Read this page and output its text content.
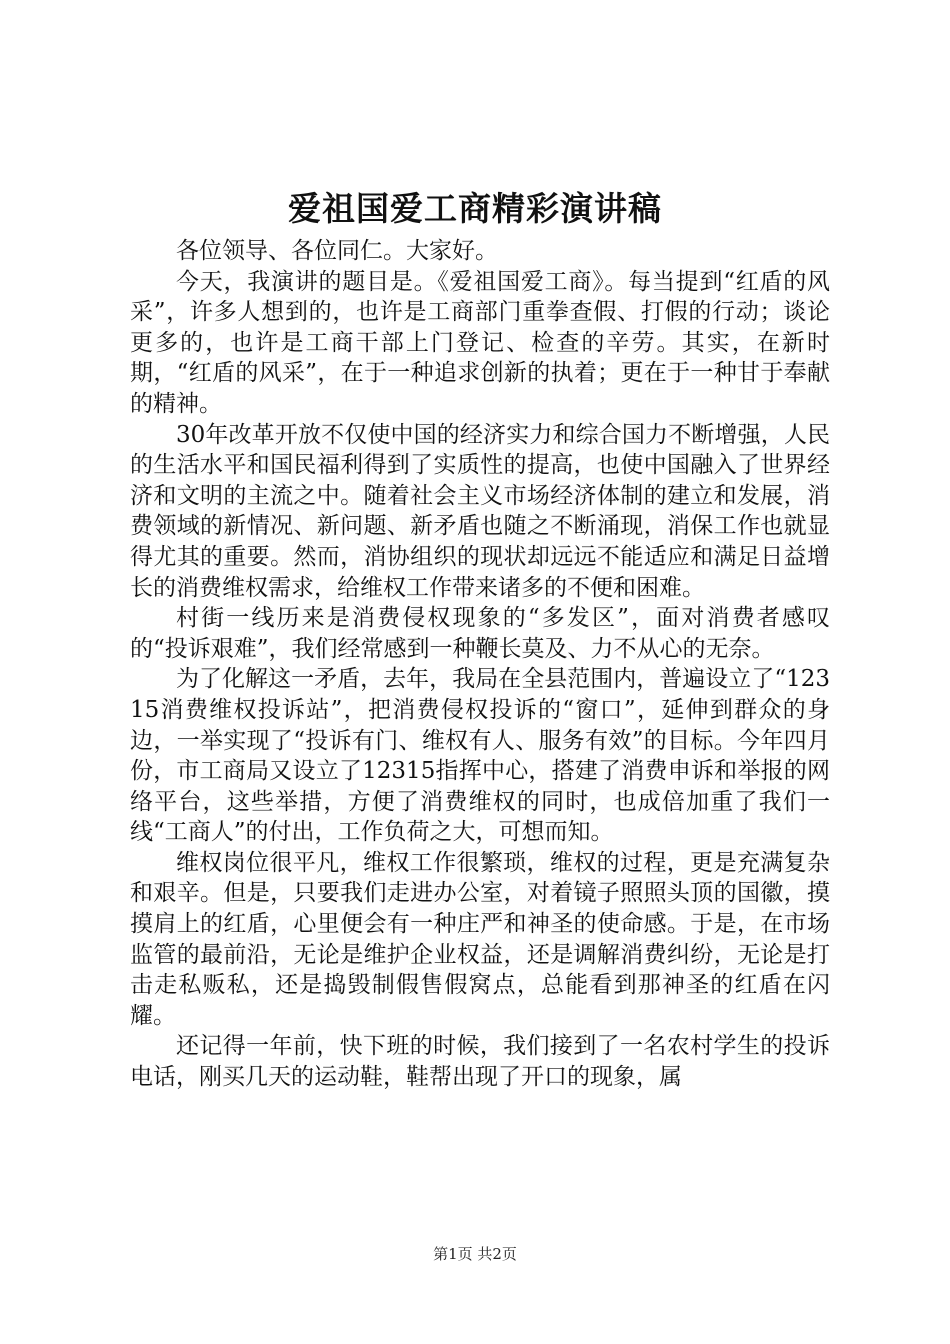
爱祖国爱工商精彩演讲稿

各位领导、各位同仁。大家好。

今天，我演讲的题目是。《爱祖国爱工商》。每当提到“红盾的风采”，许多人想到的，也许是工商部门重拳查假、打假的行动；谈论更多的，也许是工商干部上门登记、检查的辛劳。其实，在新时期，“红盾的风采”，在于一种追求创新的执着；更在于一种甘于奉献的精神。

30年改革开放不仅使中国的经济实力和综合国力不断增强，人民的生活水平和国民福利得到了实质性的提高，也使中国融入了世界经济和文明的主流之中。随着社会主义市场经济体制的建立和发展，消费领域的新情况、新问题、新矛盾也随之不断涌现，消保工作也就显得尤其的重要。然而，消协组织的现状却远远不能适应和满足日益增长的消费维权需求，给维权工作带来诸多的不便和困难。

村街一线历来是消费侵权现象的“多发区”，面对消费者感叹的“投诉艰难”，我们经常感到一种鞭长莫及、力不从心的无奈。

为了化解这一矛盾，去年，我局在全县范围内，普遍设立了“12315消费维权投诉站”，把消费侵权投诉的“窗口”，延伸到群众的身边，一举实现了“投诉有门、维权有人、服务有效”的目标。今年四月份，市工商局又设立了12315指挥中心，搭建了消费申诉和举报的网络平台，这些举措，方便了消费维权的同时，也成倍加重了我们一线“工商人”的付出，工作负荷之大，可想而知。

维权岗位很平凡，维权工作很繁琐，维权的过程，更是充满复杂和艰辛。但是，只要我们走进办公室，对着镜子照照头顶的国徽，摸摸肩上的红盾，心里便会有一种庄严和神圣的使命感。于是，在市场监管的最前沿，无论是维护企业权益，还是调解消费纠纷，无论是打击走私贩私，还是捣毁制假售假窝点，总能看到那神圣的红盾在闪耀。

还记得一年前，快下班的时候，我们接到了一名农村学生的投诉电话，刚买几天的运动鞋，鞋帮出现了开口的现象，属

第1页 共2页
